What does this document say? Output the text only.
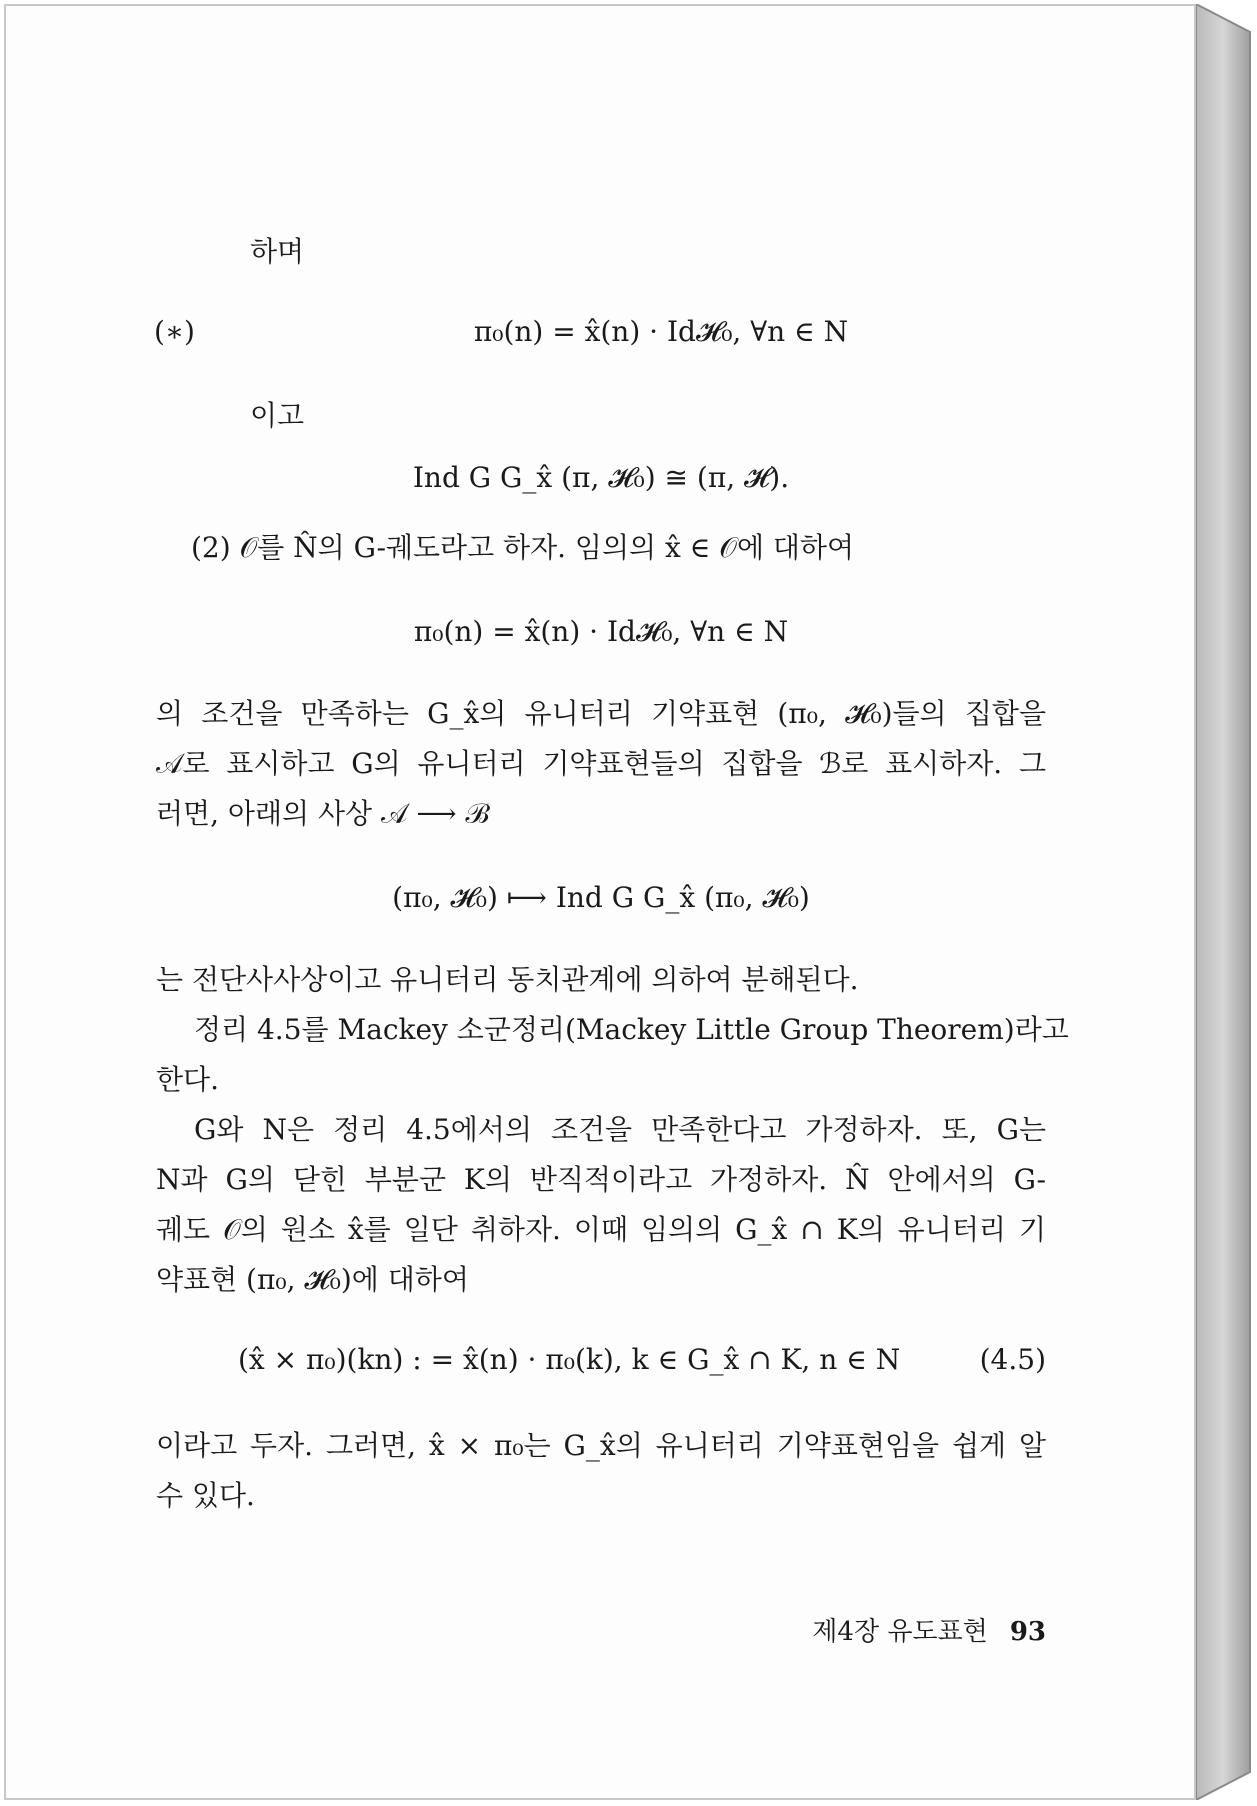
하며
(∗)	π₀(n) = x̂(n) · Id𝓗₀, ∀n ∈ N
이고
Ind G G_x̂ (π, 𝓗₀) ≅ (π, 𝓗).
(2) 𝒪를 N̂의 G-궤도라고 하자. 임의의 x̂ ∈ 𝒪에 대하여
π₀(n) = x̂(n) · Id𝓗₀, ∀n ∈ N
의 조건을 만족하는 G_x̂의 유니터리 기약표현 (π₀, 𝓗₀)들의 집합을
𝒜로 표시하고 G의 유니터리 기약표현들의 집합을 ℬ로 표시하자. 그
러면, 아래의 사상 𝒜 ⟶ ℬ
(π₀, 𝓗₀) ⟼ Ind G G_x̂ (π₀, 𝓗₀)
는 전단사사상이고 유니터리 동치관계에 의하여 분해된다.
정리 4.5를 Mackey 소군정리(Mackey Little Group Theorem)라고
한다.
G와 N은 정리 4.5에서의 조건을 만족한다고 가정하자. 또, G는
N과 G의 닫힌 부분군 K의 반직적이라고 가정하자. N̂ 안에서의 G-
궤도 𝒪의 원소 x̂를 일단 취하자. 이때 임의의 G_x̂ ∩ K의 유니터리 기
약표현 (π₀, 𝓗₀)에 대하여
(x̂ × π₀)(kn) : = x̂(n) · π₀(k), k ∈ G_x̂ ∩ K, n ∈ N	(4.5)
이라고 두자. 그러면, x̂ × π₀는 G_x̂의 유니터리 기약표현임을 쉽게 알
수 있다.
제4장 유도표현 93
